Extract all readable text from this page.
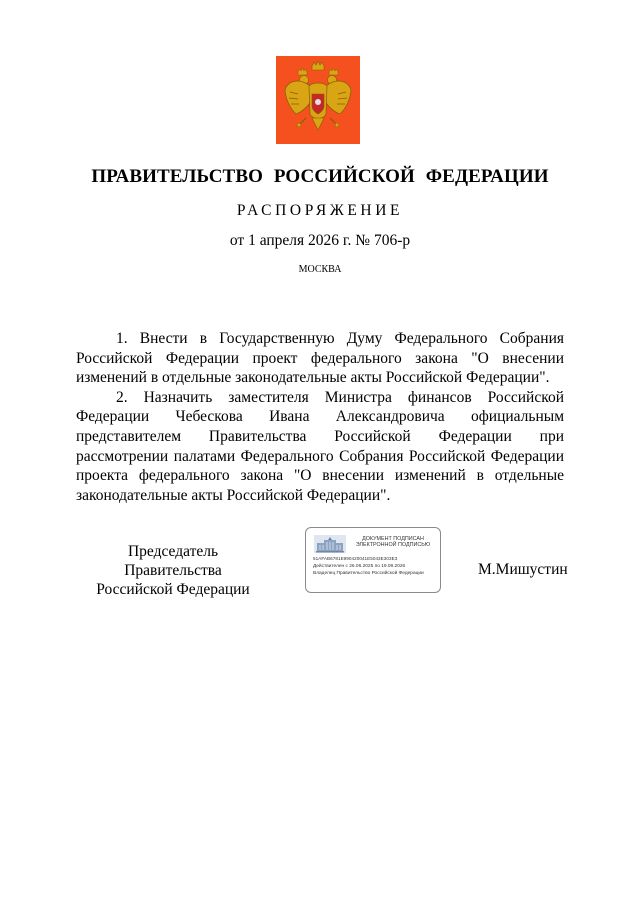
ПРАВИТЕЛЬСТВО РОССИЙСКОЙ ФЕДЕРАЦИИ
РАСПОРЯЖЕНИЕ
от 1 апреля 2026 г. № 706-р
МОСКВА

1. Внести в Государственную Думу Федерального Собрания Российской Федерации проект федерального закона "О внесении изменений в отдельные законодательные акты Российской Федерации".

2. Назначить заместителя Министра финансов Российской Федерации Чебескова Ивана Александровича официальным представителем Правительства Российской Федерации при рассмотрении палатами Федерального Собрания Российской Федерации проекта федерального закона "О внесении изменений в отдельные законодательные акты Российской Федерации".

Председатель Правительства
Российской Федерации
ДОКУМЕНТ ПОДПИСАН
ЭЛЕКТРОННОЙ ПОДПИСЬЮ
51AFAB6781E990420041E5043E303E3
Действителен с 26.06.2025 по 19.09.2026
Владелец Правительство Российской Федерации	М.Мишустин
